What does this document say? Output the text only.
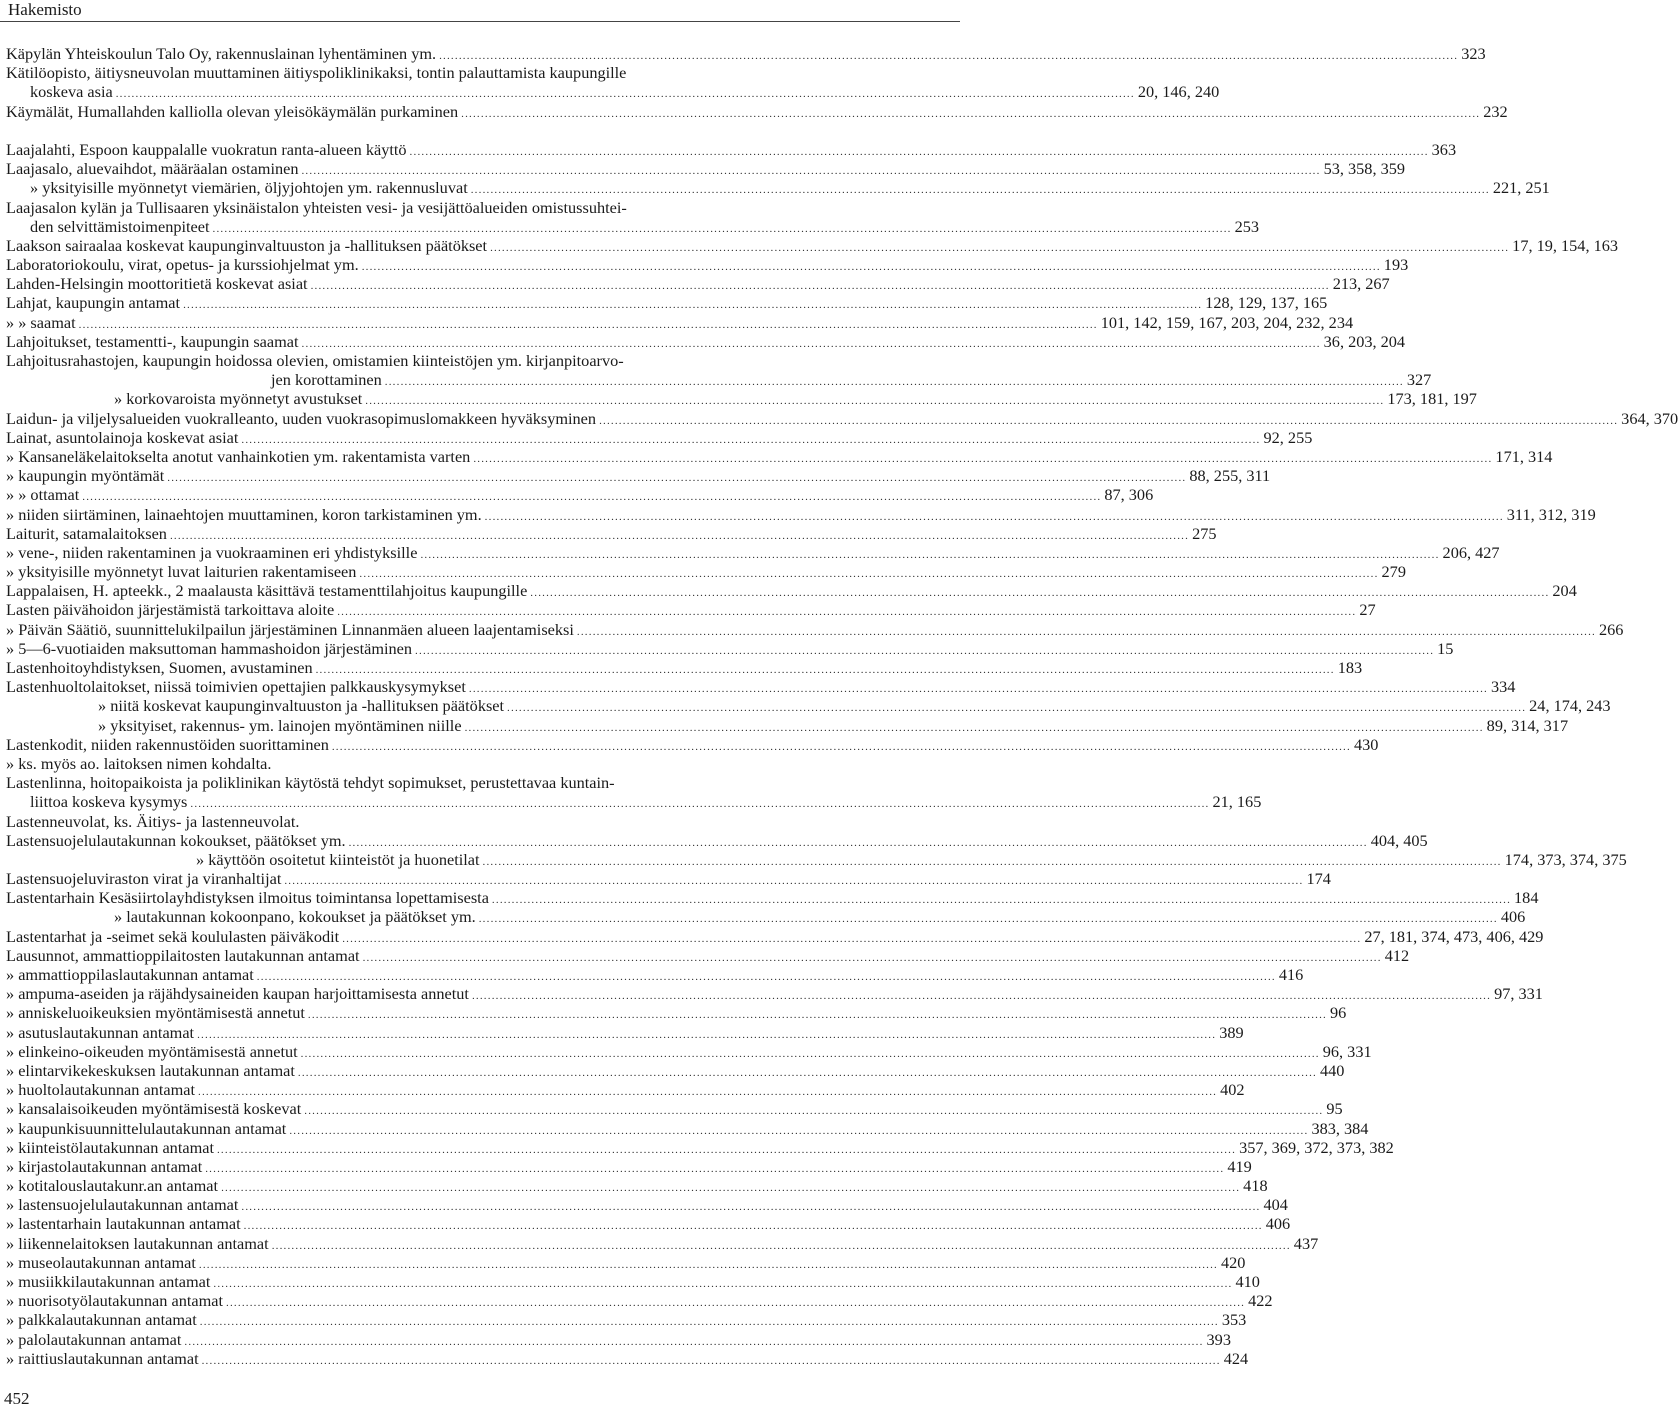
Hakemisto
Käpylän Yhteiskoulun Talo Oy, rakennuslainan lyhentäminen ym. .....	323
Kätilöopisto, äitiysneuvolan muuttaminen äitiyspoliklinikaksi, tontin palauttamista kaupungille
koskeva asia .....	20, 146, 240
Käymälät, Humallahden kalliolla olevan yleisökäymälän purkaminen .....	232
Laajalahti, Espoon kauppalalle vuokratun ranta-alueen käyttö .....	363
Laajasalo, aluevaihdot, määräalan ostaminen .....	53, 358, 359
» yksityisille myönnetyt viemärien, öljyjohtojen ym. rakennusluvat .....	221, 251
Laajasalon kylän ja Tullisaaren yksinäistalon yhteisten vesi- ja vesijättöalueiden omistussuhtei-
den selvittämistoimenpiteet .....	253
Laakson sairaalaa koskevat kaupunginvaltuuston ja -hallituksen päätökset .....	17, 19, 154, 163
Laboratoriokoulu, virat, opetus- ja kurssiohjelmat ym. .....	193
Lahden-Helsingin moottoritietä koskevat asiat .....	213, 267
Lahjat, kaupungin antamat .....	128, 129, 137, 165
» » saamat .....	101, 142, 159, 167, 203, 204, 232, 234
Lahjoitukset, testamentti-, kaupungin saamat .....	36, 203, 204
Lahjoitusrahastojen, kaupungin hoidossa olevien, omistamien kiinteistöjen ym. kirjanpitoarvo-
jen korottaminen .....	327
» korkovaroista myönnetyt avustukset .....	173, 181, 197
Laidun- ja viljelysalueiden vuokralleanto, uuden vuokrasopimuslomakkeen hyväksyminen .....	364, 370
Lainat, asuntolainoja koskevat asiat .....	92, 255
» Kansaneläkelaitokselta anotut vanhainkotien ym. rakentamista varten .....	171, 314
» kaupungin myöntämät .....	88, 255, 311
» » ottamat .....	87, 306
» niiden siirtäminen, lainaehtojen muuttaminen, koron tarkistaminen ym. .....	311, 312, 319
Laiturit, satamalaitoksen .....	275
» vene-, niiden rakentaminen ja vuokraaminen eri yhdistyksille .....	206, 427
» yksityisille myönnetyt luvat laiturien rakentamiseen .....	279
Lappalaisen, H. apteekk., 2 maalausta käsittävä testamenttilahjoitus kaupungille .....	204
Lasten päivähoidon järjestämistä tarkoittava aloite .....	27
» Päivän Säätiö, suunnittelukilpailun järjestäminen Linnanmäen alueen laajentamiseksi .....	266
» 5—6-vuotiaiden maksuttoman hammashoidon järjestäminen .....	15
Lastenhoitoyhdistyksen, Suomen, avustaminen .....	183
Lastenhuoltolaitokset, niissä toimivien opettajien palkkauskysymykset .....	334
» niitä koskevat kaupunginvaltuuston ja -hallituksen päätökset .....	24, 174, 243
» yksityiset, rakennus- ym. lainojen myöntäminen niille .....	89, 314, 317
Lastenkodit, niiden rakennustöiden suorittaminen .....	430
» ks. myös ao. laitoksen nimen kohdalta.
Lastenlinna, hoitopaikoista ja poliklinikan käytöstä tehdyt sopimukset, perustettavaa kuntain-
liittoa koskeva kysymys .....	21, 165
Lastenneuvolat, ks. Äitiys- ja lastenneuvolat.
Lastensuojelulautakunnan kokoukset, päätökset ym. .....	404, 405
» käyttöön osoitetut kiinteistöt ja huonetilat .....	174, 373, 374, 375
Lastensuojeluviraston virat ja viranhaltijat .....	174
Lastentarhain Kesäsiirtolayhdistyksen ilmoitus toimintansa lopettamisesta .....	184
» lautakunnan kokoonpano, kokoukset ja päätökset ym. .....	406
Lastentarhat ja -seimet sekä koululasten päiväkodit .....	27, 181, 374, 473, 406, 429
Lausunnot, ammattioppilaitosten lautakunnan antamat .....	412
» ammattioppilaslautakunnan antamat .....	416
» ampuma-aseiden ja räjähdysaineiden kaupan harjoittamisesta annetut .....	97, 331
» anniskeluoikeuksien myöntämisestä annetut .....	96
» asutuslautakunnan antamat .....	389
» elinkeino-oikeuden myöntämisestä annetut .....	96, 331
» elintarvikekeskuksen lautakunnan antamat .....	440
» huoltolautakunnan antamat .....	402
» kansalaisoikeuden myöntämisestä koskevat .....	95
» kaupunkisuunnittelulautakunnan antamat .....	383, 384
» kiinteistölautakunnan antamat .....	357, 369, 372, 373, 382
» kirjastolautakunnan antamat .....	419
» kotitalouslautakunr.an antamat .....	418
» lastensuojelulautakunnan antamat .....	404
» lastentarhain lautakunnan antamat .....	406
» liikennelaitoksen lautakunnan antamat .....	437
» museolautakunnan antamat .....	420
» musiikkilautakunnan antamat .....	410
» nuorisotyölautakunnan antamat .....	422
» palkkalautakunnan antamat .....	353
» palolautakunnan antamat .....	393
» raittiuslautakunnan antamat .....	424
452
